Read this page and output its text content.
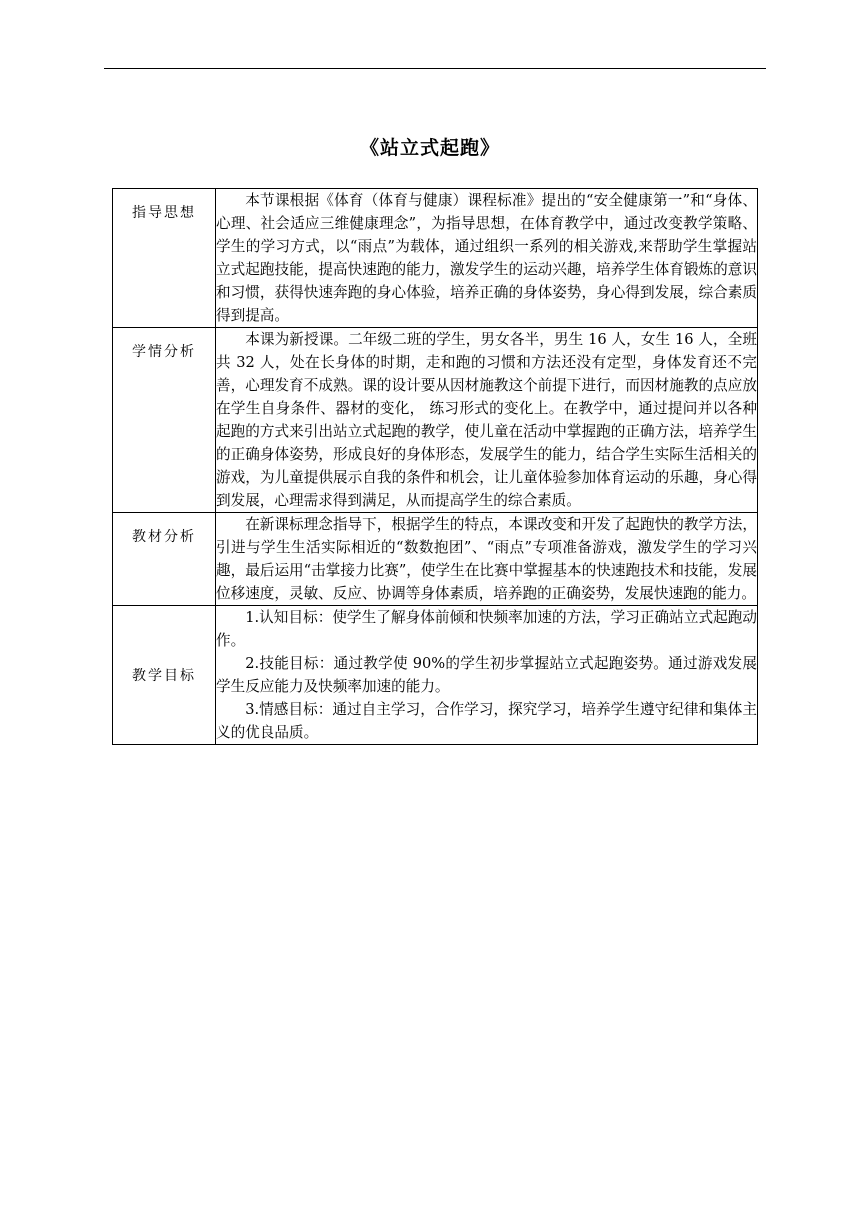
《站立式起跑》
指导思想	本节课根据《体育（体育与健康）课程标准》提出的“安全健康第一”和“身体、心理、社会适应三维健康理念”，为指导思想，在体育教学中，通过改变教学策略、学生的学习方式，以“雨点”为载体，通过组织一系列的相关游戏,来帮助学生掌握站立式起跑技能，提高快速跑的能力，激发学生的运动兴趣，培养学生体育锻炼的意识和习惯，获得快速奔跑的身心体验，培养正确的身体姿势，身心得到发展，综合素质得到提高。

学情分析	本课为新授课。二年级二班的学生，男女各半，男生 16 人，女生 16 人，全班共 32 人，处在长身体的时期，走和跑的习惯和方法还没有定型，身体发育还不完善，心理发育不成熟。课的设计要从因材施教这个前提下进行，而因材施教的点应放在学生自身条件、器材的变化， 练习形式的变化上。在教学中，通过提问并以各种起跑的方式来引出站立式起跑的教学，使儿童在活动中掌握跑的正确方法，培养学生的正确身体姿势，形成良好的身体形态，发展学生的能力，结合学生实际生活相关的游戏，为儿童提供展示自我的条件和机会，让儿童体验参加体育运动的乐趣，身心得到发展，心理需求得到满足，从而提高学生的综合素质。

教材分析	在新课标理念指导下，根据学生的特点，本课改变和开发了起跑快的教学方法，引进与学生生活实际相近的“数数抱团”、“雨点”专项准备游戏，激发学生的学习兴趣，最后运用“击掌接力比赛”，使学生在比赛中掌握基本的快速跑技术和技能，发展位移速度，灵敏、反应、协调等身体素质，培养跑的正确姿势，发展快速跑的能力。

教学目标	1.认知目标：使学生了解身体前倾和快频率加速的方法，学习正确站立式起跑动作。

2.技能目标：通过教学使 90%的学生初步掌握站立式起跑姿势。通过游戏发展学生反应能力及快频率加速的能力。

3.情感目标：通过自主学习，合作学习，探究学习，培养学生遵守纪律和集体主义的优良品质。
